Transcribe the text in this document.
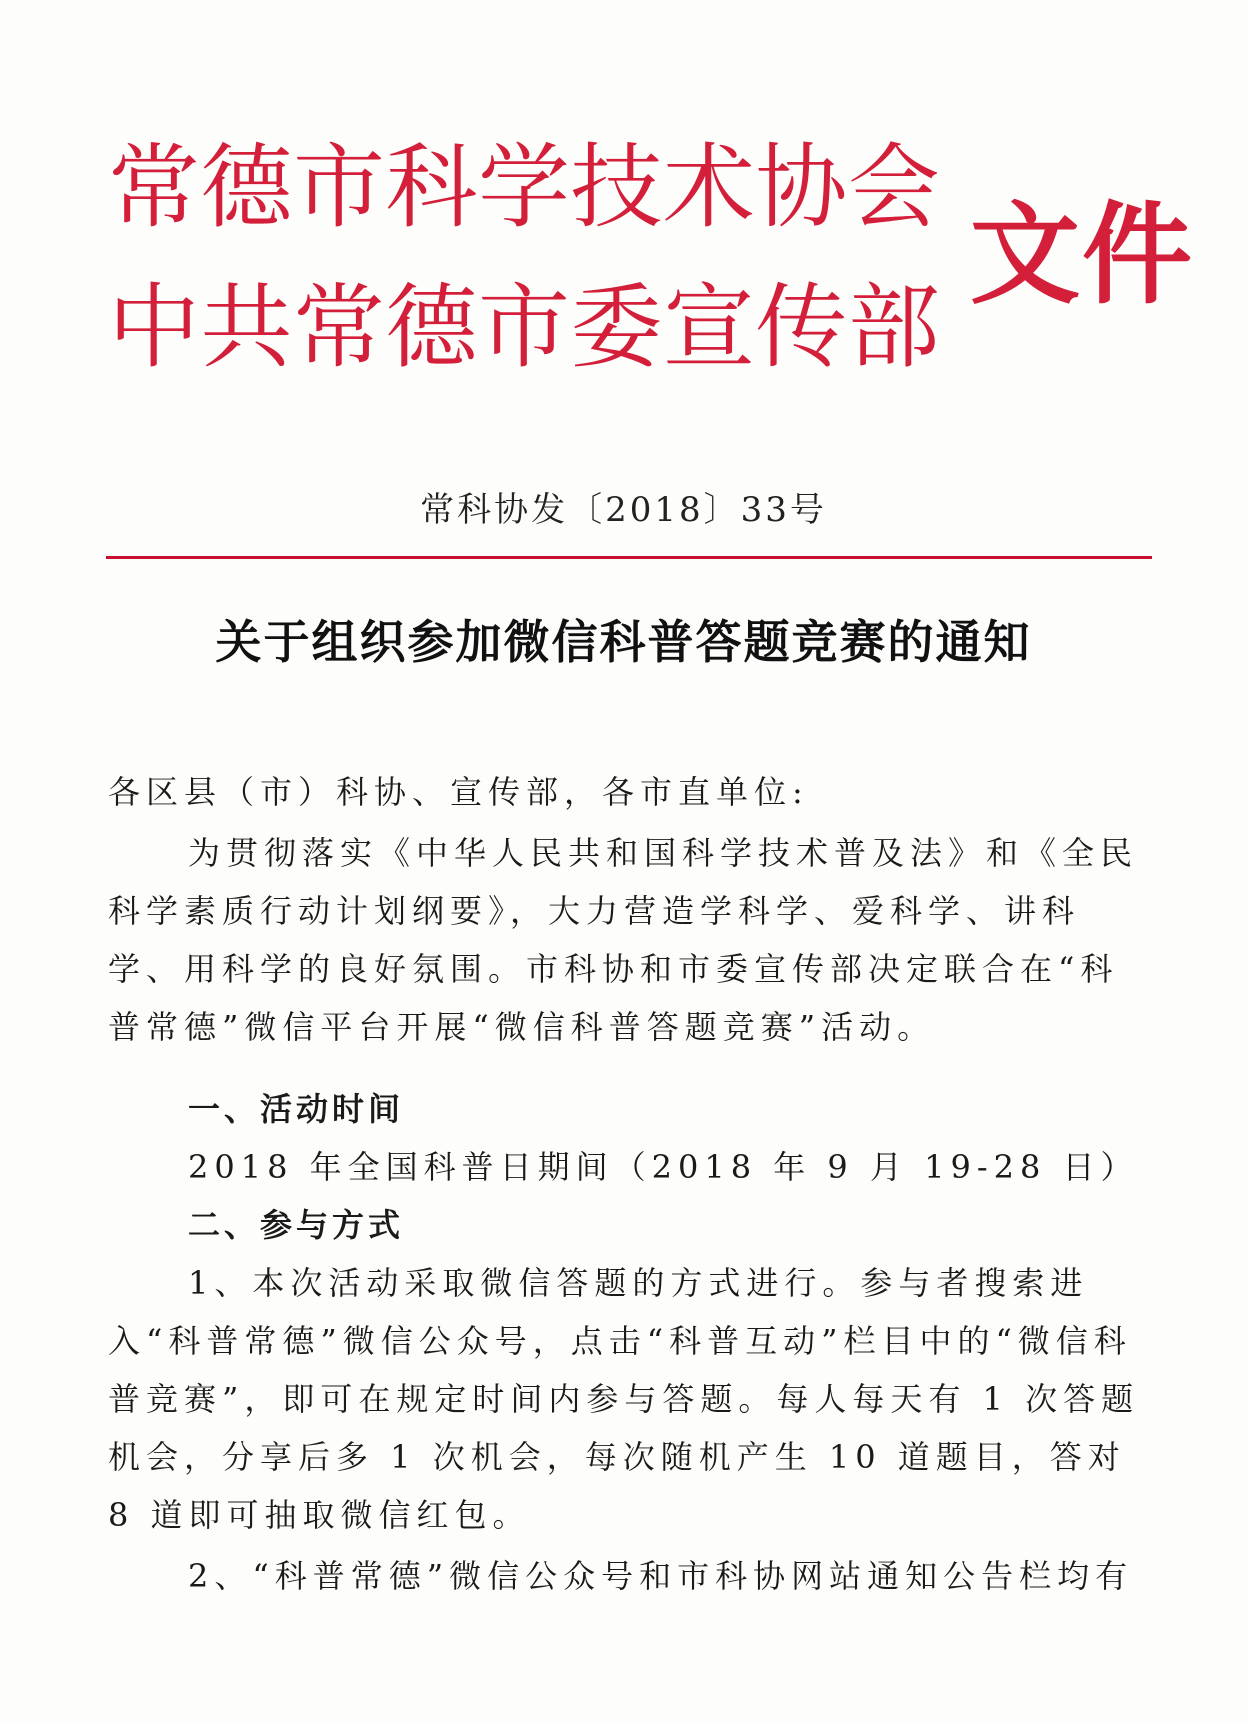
常 德 市 科 学 技 术 协 会
中 共 常 德 市 委 宣 传 部
文件
常科协发〔2018〕33号
关于组织参加微信科普答题竞赛的通知

各区县（市）科协、宣传部，各市直单位:

为贯彻落实《中华人民共和国科学技术普及法》和《全民科学素质行动计划纲要》，大力营造学科学、爱科学、讲科学、用科学的良好氛围。市科协和市委宣传部决定联合在“科普常德”微信平台开展“微信科普答题竞赛”活动。

一、活动时间

2018 年全国科普日期间（2018 年 9 月 19-28 日）

二、参与方式

1、本次活动采取微信答题的方式进行。参与者搜索进入“科普常德”微信公众号，点击“科普互动”栏目中的“微信科普竞赛”，即可在规定时间内参与答题。每人每天有 1 次答题机会，分享后多 1 次机会，每次随机产生 10 道题目，答对 8 道即可抽取微信红包。

2、“科普常德”微信公众号和市科协网站通知公告栏均有
